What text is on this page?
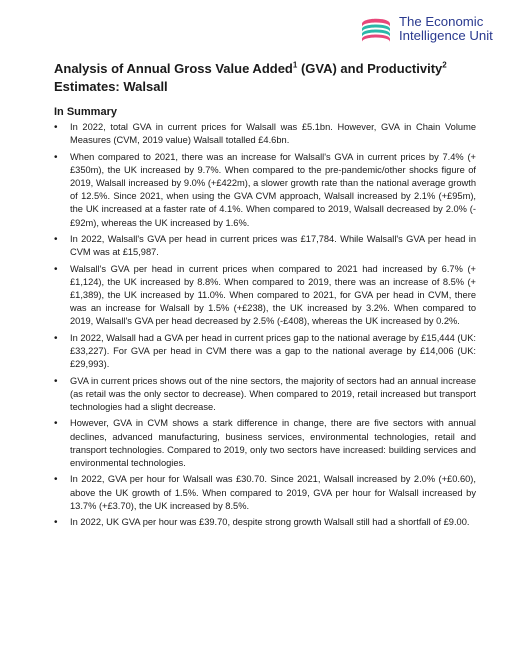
The Economic
Intelligence Unit
Analysis of Annual Gross Value Added$^1$ (GVA) and Productivity$^2$
Estimates: Walsall
In Summary
• In 2022, total GVA in current prices for Walsall was £5.1bn. However, GVA in Chain Volume Measures (CVM, 2019 value) Walsall totalled £4.6bn.
• When compared to 2021, there was an increase for Walsall's GVA in current prices by 7.4% (+£350m), the UK increased by 9.7%. When compared to the pre-pandemic/other shocks figure of 2019, Walsall increased by 9.0% (+£422m), a slower growth rate than the national average growth of 12.5%. Since 2021, when using the GVA CVM approach, Walsall increased by 2.1% (+£95m), the UK increased at a faster rate of 4.1%. When compared to 2019, Walsall decreased by 2.0% (-£92m), whereas the UK increased by 1.6%.
• In 2022, Walsall's GVA per head in current prices was £17,784. While Walsall's GVA per head in CVM was at £15,987.
• Walsall's GVA per head in current prices when compared to 2021 had increased by 6.7% (+£1,124), the UK increased by 8.8%. When compared to 2019, there was an increase of 8.5% (+£1,389), the UK increased by 11.0%. When compared to 2021, for GVA per head in CVM, there was an increase for Walsall by 1.5% (+£238), the UK increased by 3.2%. When compared to 2019, Walsall's GVA per head decreased by 2.5% (-£408), whereas the UK increased by 0.2%.
• In 2022, Walsall had a GVA per head in current prices gap to the national average by £15,444 (UK: £33,227). For GVA per head in CVM there was a gap to the national average by £14,006 (UK: £29,993).
• GVA in current prices shows out of the nine sectors, the majority of sectors had an annual increase (as retail was the only sector to decrease). When compared to 2019, retail increased but transport technologies had a slight decrease.
• However, GVA in CVM shows a stark difference in change, there are five sectors with annual declines, advanced manufacturing, business services, environmental technologies, retail and transport technologies. Compared to 2019, only two sectors have increased: building services and environmental technologies.
• In 2022, GVA per hour for Walsall was £30.70. Since 2021, Walsall increased by 2.0% (+£0.60), above the UK growth of 1.5%. When compared to 2019, GVA per hour for Walsall increased by 13.7% (+£3.70), the UK increased by 8.5%.
• In 2022, UK GVA per hour was £39.70, despite strong growth Walsall still had a shortfall of £9.00.
